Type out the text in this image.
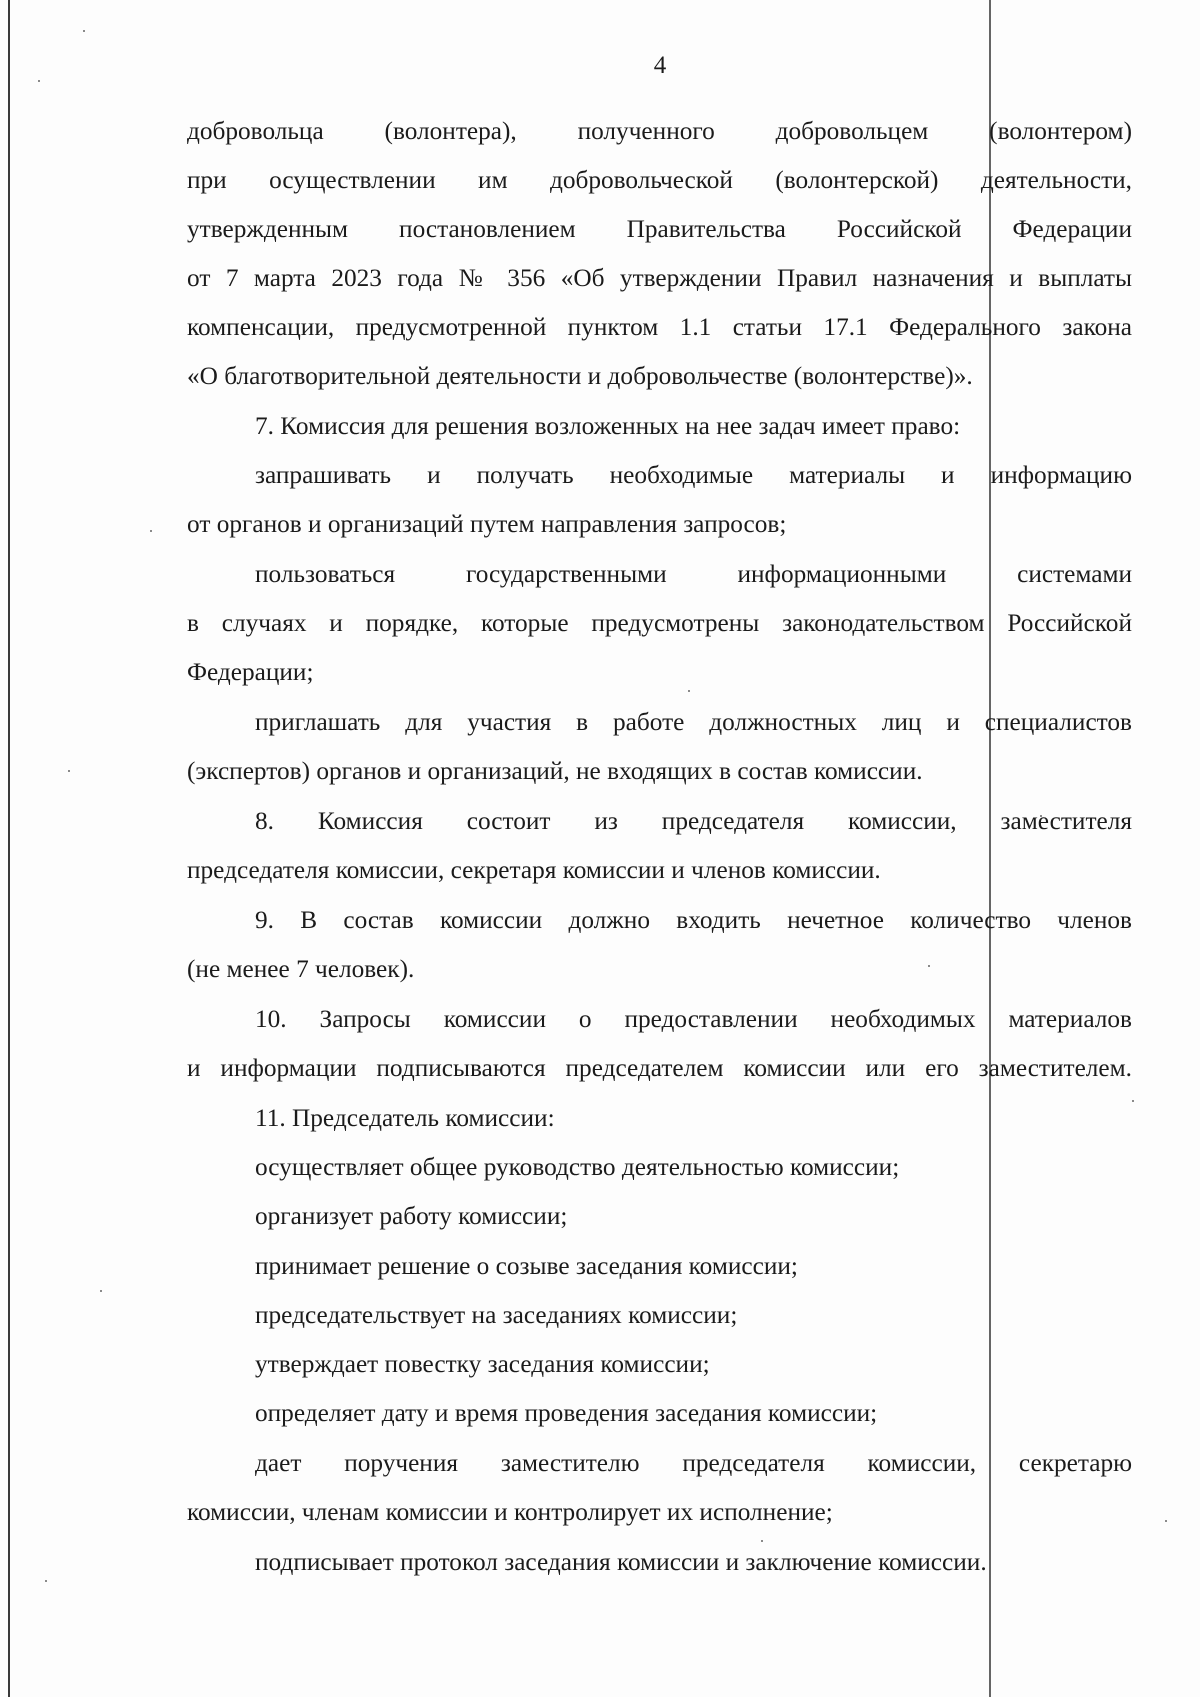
4
добровольца (волонтера), полученного добровольцем (волонтером)
при осуществлении им добровольческой (волонтерской) деятельности,
утвержденным постановлением Правительства Российской Федерации
от 7 марта 2023 года № 356 «Об утверждении Правил назначения и выплаты
компенсации, предусмотренной пунктом 1.1 статьи 17.1 Федерального закона
«О благотворительной деятельности и добровольчестве (волонтерстве)».
7. Комиссия для решения возложенных на нее задач имеет право:
запрашивать и получать необходимые материалы и информацию
от органов и организаций путем направления запросов;
пользоваться государственными информационными системами
в случаях и порядке, которые предусмотрены законодательством Российской
Федерации;
приглашать для участия в работе должностных лиц и специалистов
(экспертов) органов и организаций, не входящих в состав комиссии.
8. Комиссия состоит из председателя комиссии, заместителя
председателя комиссии, секретаря комиссии и членов комиссии.
9. В состав комиссии должно входить нечетное количество членов
(не менее 7 человек).
10. Запросы комиссии о предоставлении необходимых материалов
и информации подписываются председателем комиссии или его заместителем.
11. Председатель комиссии:
осуществляет общее руководство деятельностью комиссии;
организует работу комиссии;
принимает решение о созыве заседания комиссии;
председательствует на заседаниях комиссии;
утверждает повестку заседания комиссии;
определяет дату и время проведения заседания комиссии;
дает поручения заместителю председателя комиссии, секретарю
комиссии, членам комиссии и контролирует их исполнение;
подписывает протокол заседания комиссии и заключение комиссии.
